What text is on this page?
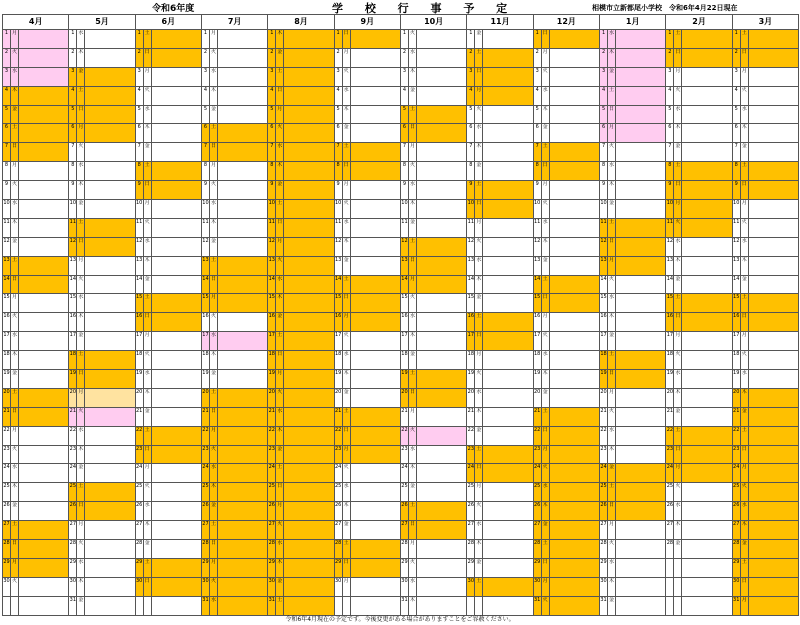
令和6年度	学 校 行 事 予 定	相模市立新都尾小学校　令和6年4月22日現在
4月			5月			6月			7月			8月			9月			10月			11月			12月			1月			2月			3月		
1	月		1	水		1	土		1	月		1	木		1	日		1	火		1	金		1	日		1	水		1	土		1	土	
2	火		2	木		2	日		2	火		2	金		2	月		2	水		2	土		2	月		2	木		2	日		2	日	
3	水		3	金		3	月		3	水		3	土		3	火		3	木		3	日		3	火		3	金		3	月		3	月	
4	木		4	土		4	火		4	木		4	日		4	水		4	金		4	月		4	水		4	土		4	火		4	火	
5	金		5	日		5	水		5	金		5	月		5	木		5	土		5	火		5	木		5	日		5	水		5	水	
6	土		6	月		6	木		6	土		6	火		6	金		6	日		6	水		6	金		6	月		6	木		6	木	
7	日		7	火		7	金		7	日		7	水		7	土		7	月		7	木		7	土		7	火		7	金		7	金	
8	月		8	水		8	土		8	月		8	木		8	日		8	火		8	金		8	日		8	水		8	土		8	土	
9	火		9	木		9	日		9	火		9	金		9	月		9	水		9	土		9	月		9	木		9	日		9	日	
10	水		10	金		10	月		10	水		10	土		10	火		10	木		10	日		10	火		10	金		10	月		10	月	
11	木		11	土		11	火		11	木		11	日		11	水		11	金		11	月		11	水		11	土		11	火		11	火	
12	金		12	日		12	水		12	金		12	月		12	木		12	土		12	火		12	木		12	日		12	水		12	水	
13	土		13	月		13	木		13	土		13	火		13	金		13	日		13	水		13	金		13	月		13	木		13	木	
14	日		14	火		14	金		14	日		14	水		14	土		14	月		14	木		14	土		14	火		14	金		14	金	
15	月		15	水		15	土		15	月		15	木		15	日		15	火		15	金		15	日		15	水		15	土		15	土	
16	火		16	木		16	日		16	火		16	金		16	月		16	水		16	土		16	月		16	木		16	日		16	日	
17	水		17	金		17	月		17	水		17	土		17	火		17	木		17	日		17	火		17	金		17	月		17	月	
18	木		18	土		18	火		18	木		18	日		18	水		18	金		18	月		18	水		18	土		18	火		18	火	
19	金		19	日		19	水		19	金		19	月		19	木		19	土		19	火		19	木		19	日		19	水		19	水	
20	土		20	月		20	木		20	土		20	火		20	金		20	日		20	水		20	金		20	月		20	木		20	木	
21	日		21	火		21	金		21	日		21	水		21	土		21	月		21	木		21	土		21	火		21	金		21	金	
22	月		22	水		22	土		22	月		22	木		22	日		22	火		22	金		22	日		22	水		22	土		22	土	
23	火		23	木		23	日		23	火		23	金		23	月		23	水		23	土		23	月		23	木		23	日		23	日	
24	水		24	金		24	月		24	水		24	土		24	火		24	木		24	日		24	火		24	金		24	月		24	月	
25	木		25	土		25	火		25	木		25	日		25	水		25	金		25	月		25	水		25	土		25	火		25	火	
26	金		26	日		26	水		26	金		26	月		26	木		26	土		26	火		26	木		26	日		26	水		26	水	
27	土		27	月		27	木		27	土		27	火		27	金		27	日		27	水		27	金		27	月		27	木		27	木	
28	日		28	火		28	金		28	日		28	水		28	土		28	月		28	木		28	土		28	火		28	金		28	金	
29	月		29	水		29	土		29	月		29	木		29	日		29	火		29	金		29	日		29	水					29	土	
30	火		30	木		30	日		30	火		30	金		30	月		30	水		30	土		30	月		30	木					30	日	
			31	金					31	水		31	土					31	木					31	火		31	金					31	月	
令和6年4月現在の予定です。今後変更がある場合がありますことをご容赦ください。
